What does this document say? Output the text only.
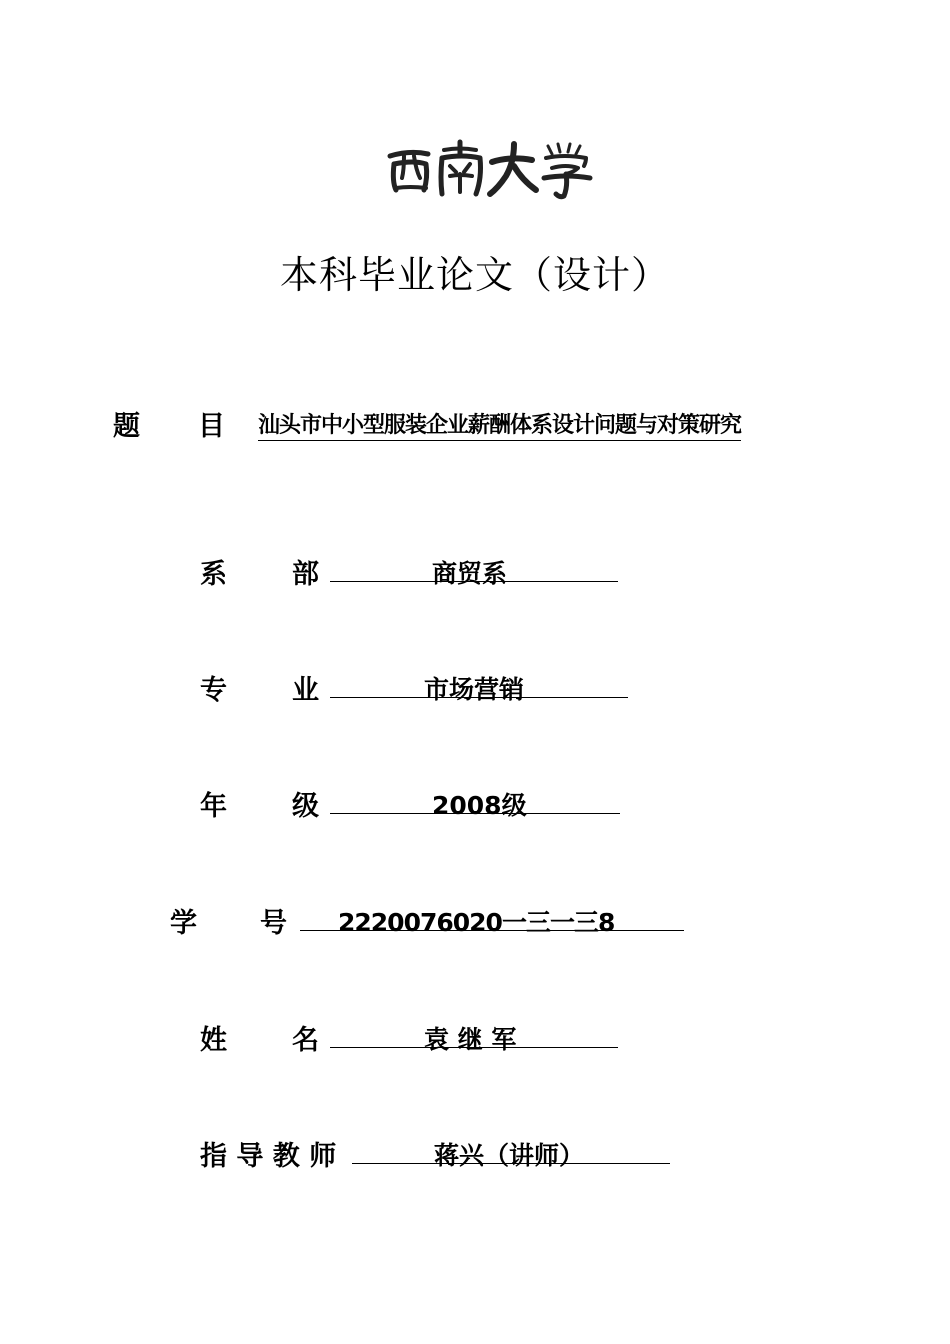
本科毕业论文（设计）
题 目 汕头市中小型服装企业薪酬体系设计问题与对策研究
系 部	商贸系
专 业	市场营销
年 级	2008级
学 号 2220076020一三一三8
姓 名	袁 继 军
指 导 教 师	蒋兴（讲师）
